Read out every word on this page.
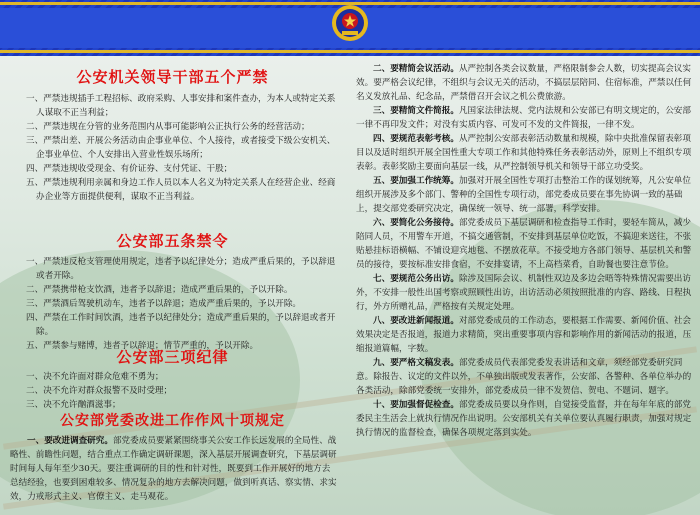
公安机关领导干部五个严禁

一、严禁违规插手工程招标、政府采购、人事安排和案件查办，为本人或特定关系人谋取不正当利益；

二、严禁违规在分管的业务范围内从事可能影响公正执行公务的经营活动；

三、严禁出差、开展公务活动由企事业单位、个人接待，或者接受下级公安机关、企事业单位、个人安排出入营业性娱乐场所；

四、严禁违规收受现金、有价证券、支付凭证、干股；

五、严禁违规利用亲属和身边工作人员以本人名义为特定关系人在经营企业、经商办企业等方面提供便利，谋取不正当利益。

公安部五条禁令

一、严禁违反枪支管理使用规定，违者予以纪律处分；造成严重后果的，予以辞退或者开除。

二、严禁携带枪支饮酒，违者予以辞退；造成严重后果的，予以开除。

三、严禁酒后驾驶机动车，违者予以辞退；造成严重后果的，予以开除。

四、严禁在工作时间饮酒，违者予以纪律处分；造成严重后果的，予以辞退或者开除。

五、严禁参与赌博，违者予以辞退；情节严重的，予以开除。

公安部三项纪律

一、决不允许面对群众危难不勇为；

二、决不允许对群众报警不及时受理；

三、决不允许酗酒滋事；

公安部党委改进工作作风十项规定

一、要改进调查研究。部党委成员要紧紧围绕事关公安工作长远发展的全局性、战略性、前瞻性问题，结合重点工作确定调研课题，深入基层开展调查研究，下基层调研时间每人每年至少30天。要注重调研的目的性和针对性，既要到工作开展好的地方去总结经验，也要到困难较多、情况复杂的地方去解决问题，做到听真话、察实情、求实效，力戒形式主义、官僚主义、走马观花。

二、要精简会议活动。从严控制各类会议数量，严格限制参会人数，切实提高会议实效。要严格会议纪律，不组织与会议无关的活动，不搞层层陪同、住宿标准，严禁以任何名义发放礼品、纪念品，严禁借召开会议之机公费旅游。

三、要精简文件简报。凡国家法律法规、党内法规和公安部已有明文规定的，公安部一律不再印发文件；对没有实质内容、可发可不发的文件简报，一律不发。

四、要规范表彰考核。从严控制公安部表彰活动数量和规模，除中央批准保留表彰项目以及适时组织开展全国性重大专项工作和其他特殊任务表彰活动外，原则上不组织专项表彰。表彰奖励主要面向基层一线，从严控制领导机关和领导干部立功受奖。

五、要加强工作统筹。加强对开展全国性专项打击整治工作的谋划统筹，凡公安单位组织开展涉及多个部门、警种的全国性专项行动，部党委成员要在事先协调一致的基础上，提交部党委研究决定，确保统一领导、统一部署，科学安排。

六、要简化公务接待。部党委成员下基层调研和检查指导工作时，要轻车简从，减少陪同人员，不用警车开道，不搞交通管制，不安排到基层单位吃饭，不搞迎来送往，不张贴悬挂标语横幅、不铺设迎宾地毯、不摆放花草。不接受地方各部门领导、基层机关和警员的接待，要按标准安排食宿，不安排宴请，不上高档菜肴，自助餐也要注意节俭。

七、要规范公务出访。除涉及国际会议、机制性双边及多边会晤等特殊情况需要出访外，不安排一般性出国考察或照顾性出访，出访活动必须按照批准的内容、路线、日程执行，外方所赠礼品，严格按有关规定处理。

八、要改进新闻报道。对部党委成员的工作动态，要根据工作需要、新闻价值、社会效果决定是否报道，报道力求精简，突出重要事项内容和影响作用的新闻活动的报道，压缩报道篇幅，字数。

九、要严格文稿发表。部党委成员代表部党委发表讲话和文章，须经部党委研究同意。除报告、议定的文件以外，不单独出版或发表著作，公安部、各警种、各单位举办的各类活动，除部党委统一安排外，部党委成员一律不发贺信、贺电、不题词、题字。

十、要加强督促检查。部党委成员要以身作则，自觉接受监督，并在每年年底的部党委民主生活会上就执行情况作出说明。公安部机关有关单位要认真履行职责，加强对规定执行情况的监督检查，确保各项规定落到实处。
